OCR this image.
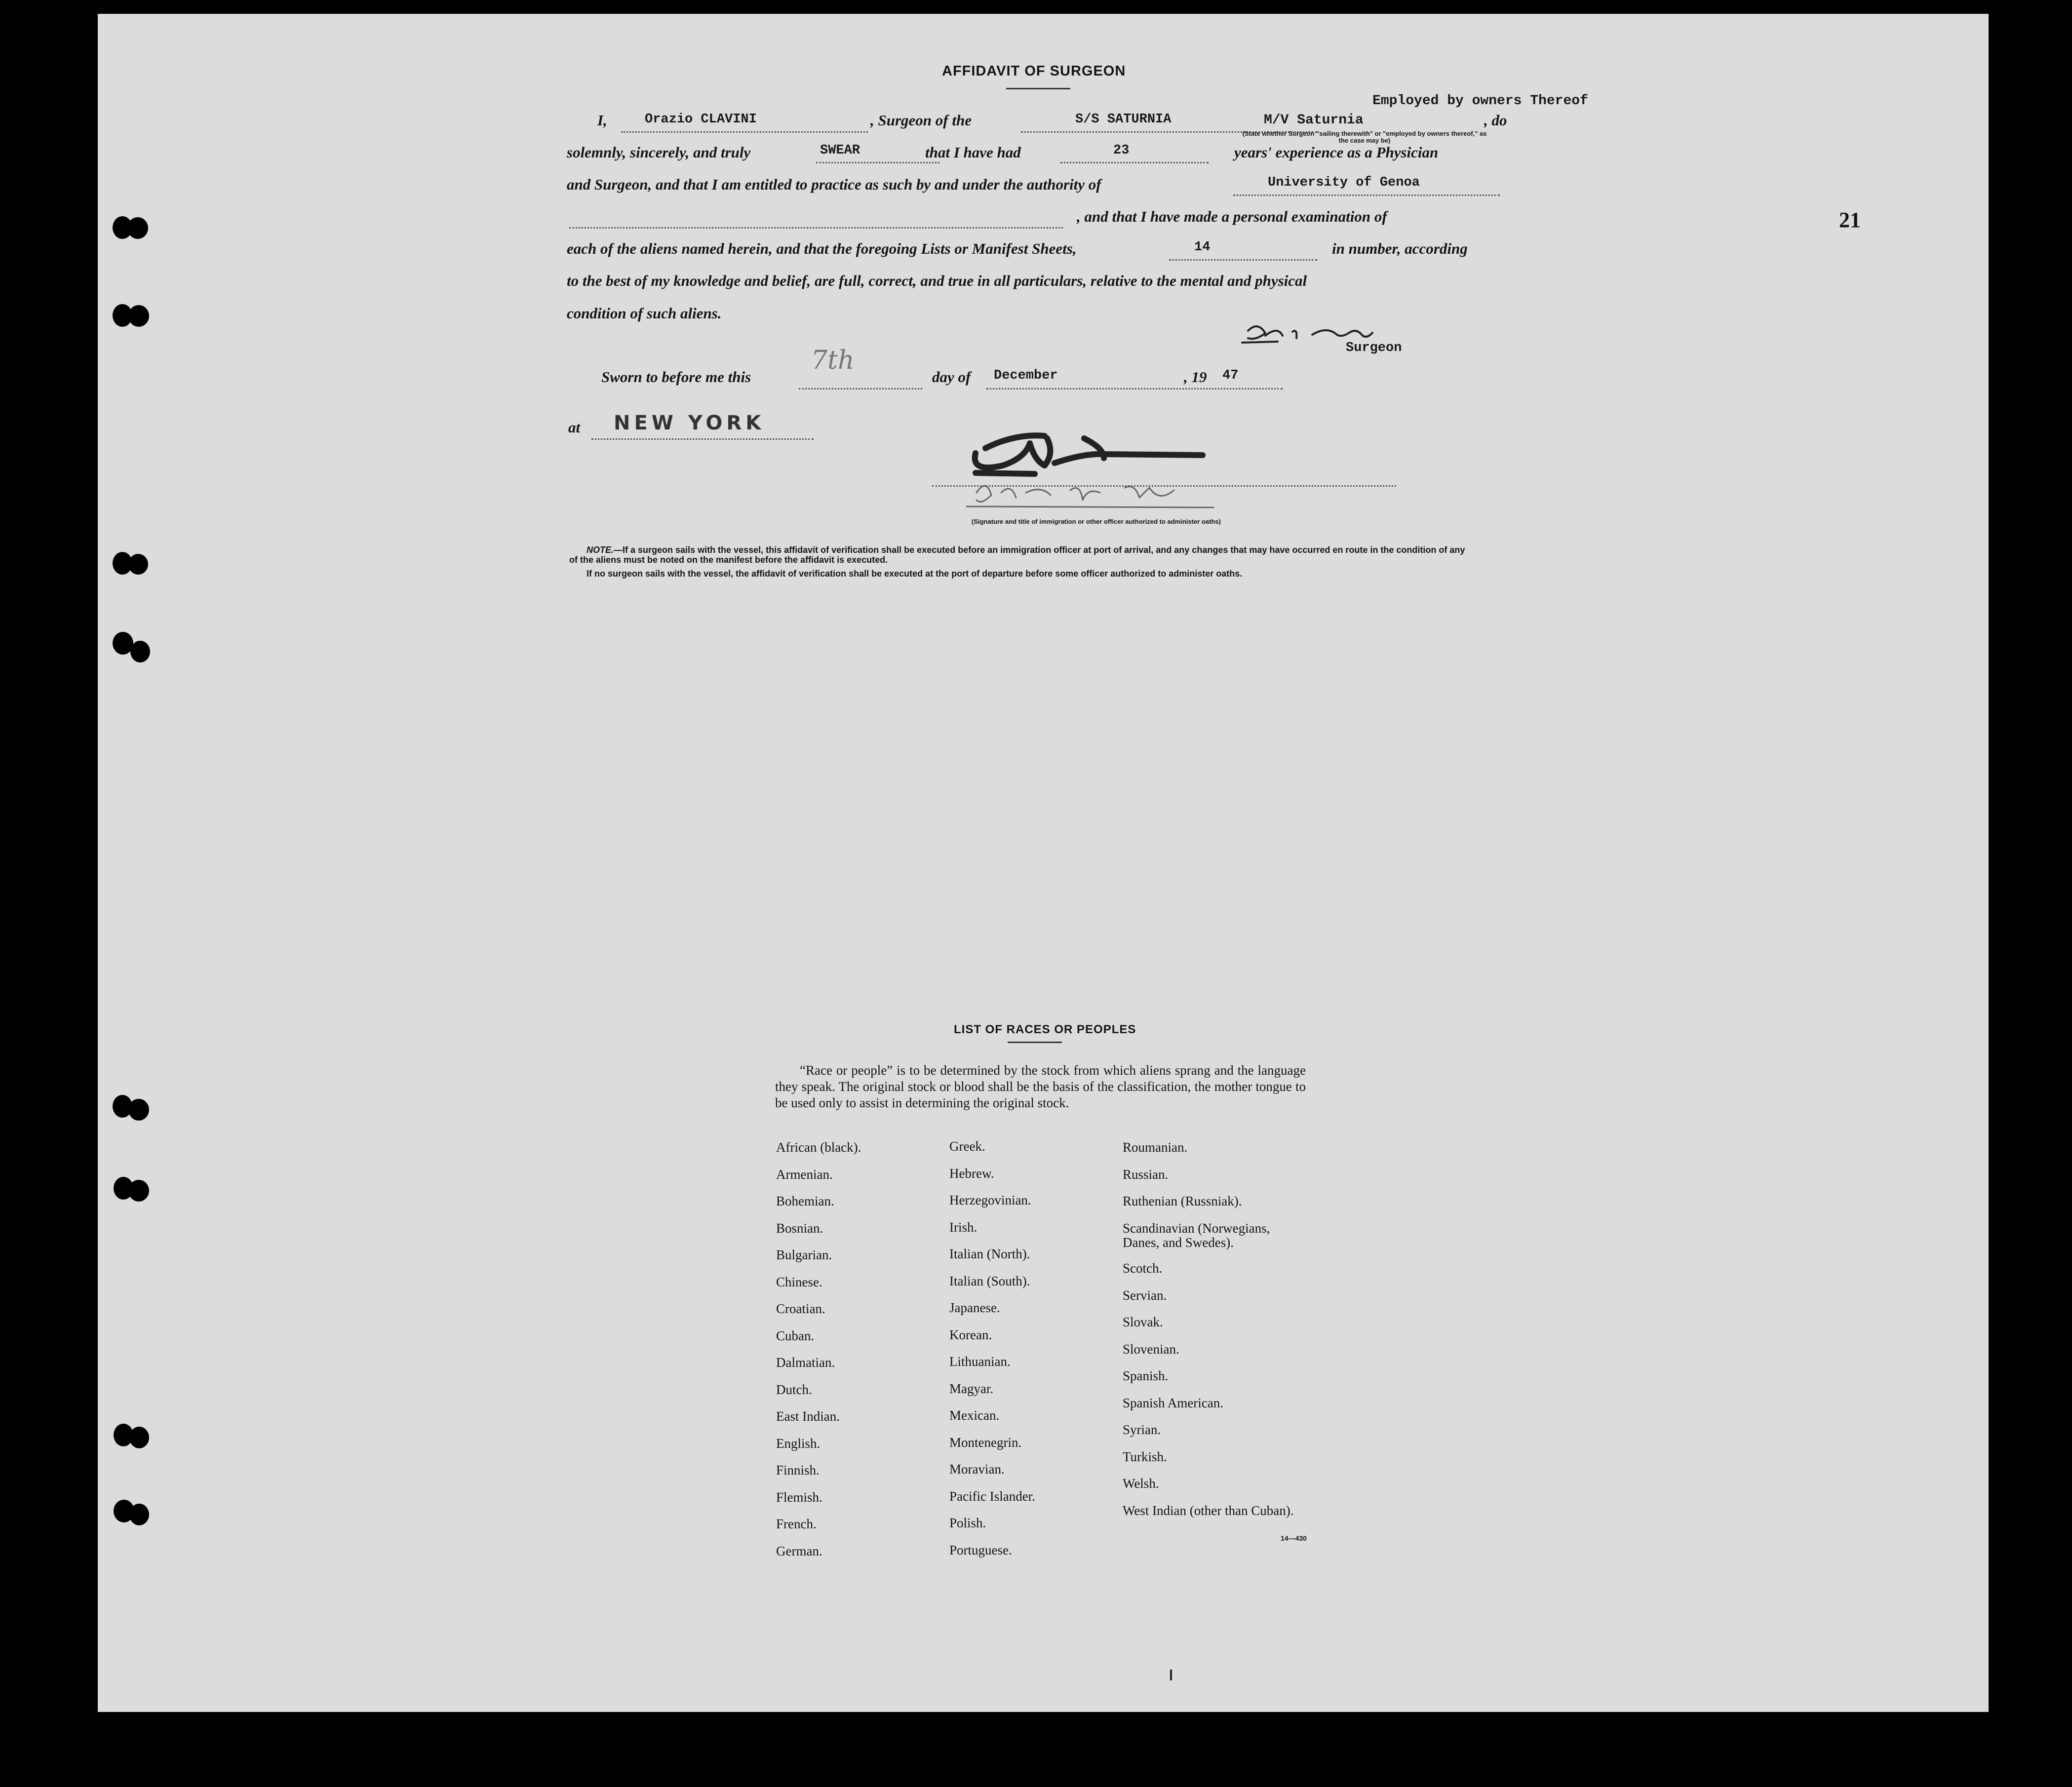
21
AFFIDAVIT OF SURGEON
I,	Orazio CLAVINI	, Surgeon of the	S/S SATURNIA	M/V Saturnia
Employed by owners Thereof
, do
(State whether Surgeon "sailing therewith" or "employed by owners thereof," as the case may be)
solemnly, sincerely, and truly	SWEAR	that I have had	23	years' experience as a Physician
and Surgeon, and that I am entitled to practice as such by and under the authority of	University of Genoa
, and that I have made a personal examination of
each of the aliens named herein, and that the foregoing Lists or Manifest Sheets,	14	in number, according
to the best of my knowledge and belief, are full, correct, and true in all particulars, relative to the mental and physical
condition of such aliens.
Surgeon
Sworn to before me this
7th
day of December	, 19 47
at NEW YORK
(Signature and title of immigration or other officer authorized to administer oaths)
NOTE.—If a surgeon sails with the vessel, this affidavit of verification shall be executed before an immigration officer at port of arrival, and any changes that may have occurred en route in the condition of any of the aliens must be noted on the manifest before the affidavit is executed.
If no surgeon sails with the vessel, the affidavit of verification shall be executed at the port of departure before some officer authorized to administer oaths.
LIST OF RACES OR PEOPLES
“Race or people” is to be determined by the stock from which aliens sprang and the language they speak. The original stock or blood shall be the basis of the classification, the mother tongue to be used only to assist in determining the original stock.
African (black).
Armenian.
Bohemian.
Bosnian.
Bulgarian.
Chinese.
Croatian.
Cuban.
Dalmatian.
Dutch.
East Indian.
English.
Finnish.
Flemish.
French.
German.
Greek.
Hebrew.
Herzegovinian.
Irish.
Italian (North).
Italian (South).
Japanese.
Korean.
Lithuanian.
Magyar.
Mexican.
Montenegrin.
Moravian.
Pacific Islander.
Polish.
Portuguese.
Roumanian.
Russian.
Ruthenian (Russniak).
Scandinavian (Norwegians, Danes, and Swedes).
Scotch.
Servian.
Slovak.
Slovenian.
Spanish.
Spanish American.
Syrian.
Turkish.
Welsh.
West Indian (other than Cuban).
14—430
